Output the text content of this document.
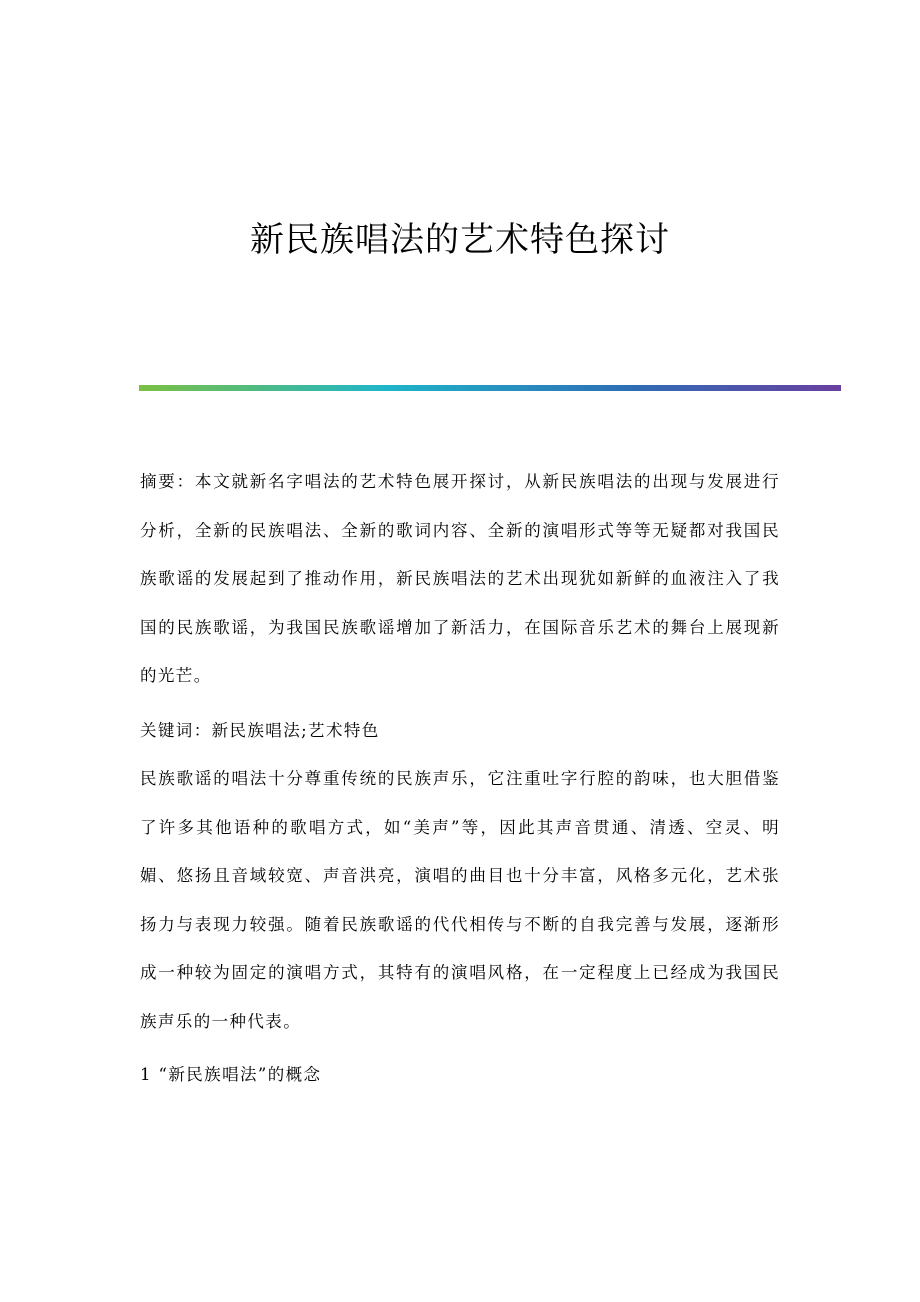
新民族唱法的艺术特色探讨

摘要：本文就新名字唱法的艺术特色展开探讨，从新民族唱法的出现与发展进行分析，全新的民族唱法、全新的歌词内容、全新的演唱形式等等无疑都对我国民族歌谣的发展起到了推动作用，新民族唱法的艺术出现犹如新鲜的血液注入了我国的民族歌谣，为我国民族歌谣增加了新活力，在国际音乐艺术的舞台上展现新的光芒。

关键词：新民族唱法;艺术特色

民族歌谣的唱法十分尊重传统的民族声乐，它注重吐字行腔的韵味，也大胆借鉴了许多其他语种的歌唱方式，如“美声”等，因此其声音贯通、清透、空灵、明媚、悠扬且音域较宽、声音洪亮，演唱的曲目也十分丰富，风格多元化，艺术张扬力与表现力较强。随着民族歌谣的代代相传与不断的自我完善与发展，逐渐形成一种较为固定的演唱方式，其特有的演唱风格，在一定程度上已经成为我国民族声乐的一种代表。

1 “新民族唱法”的概念
